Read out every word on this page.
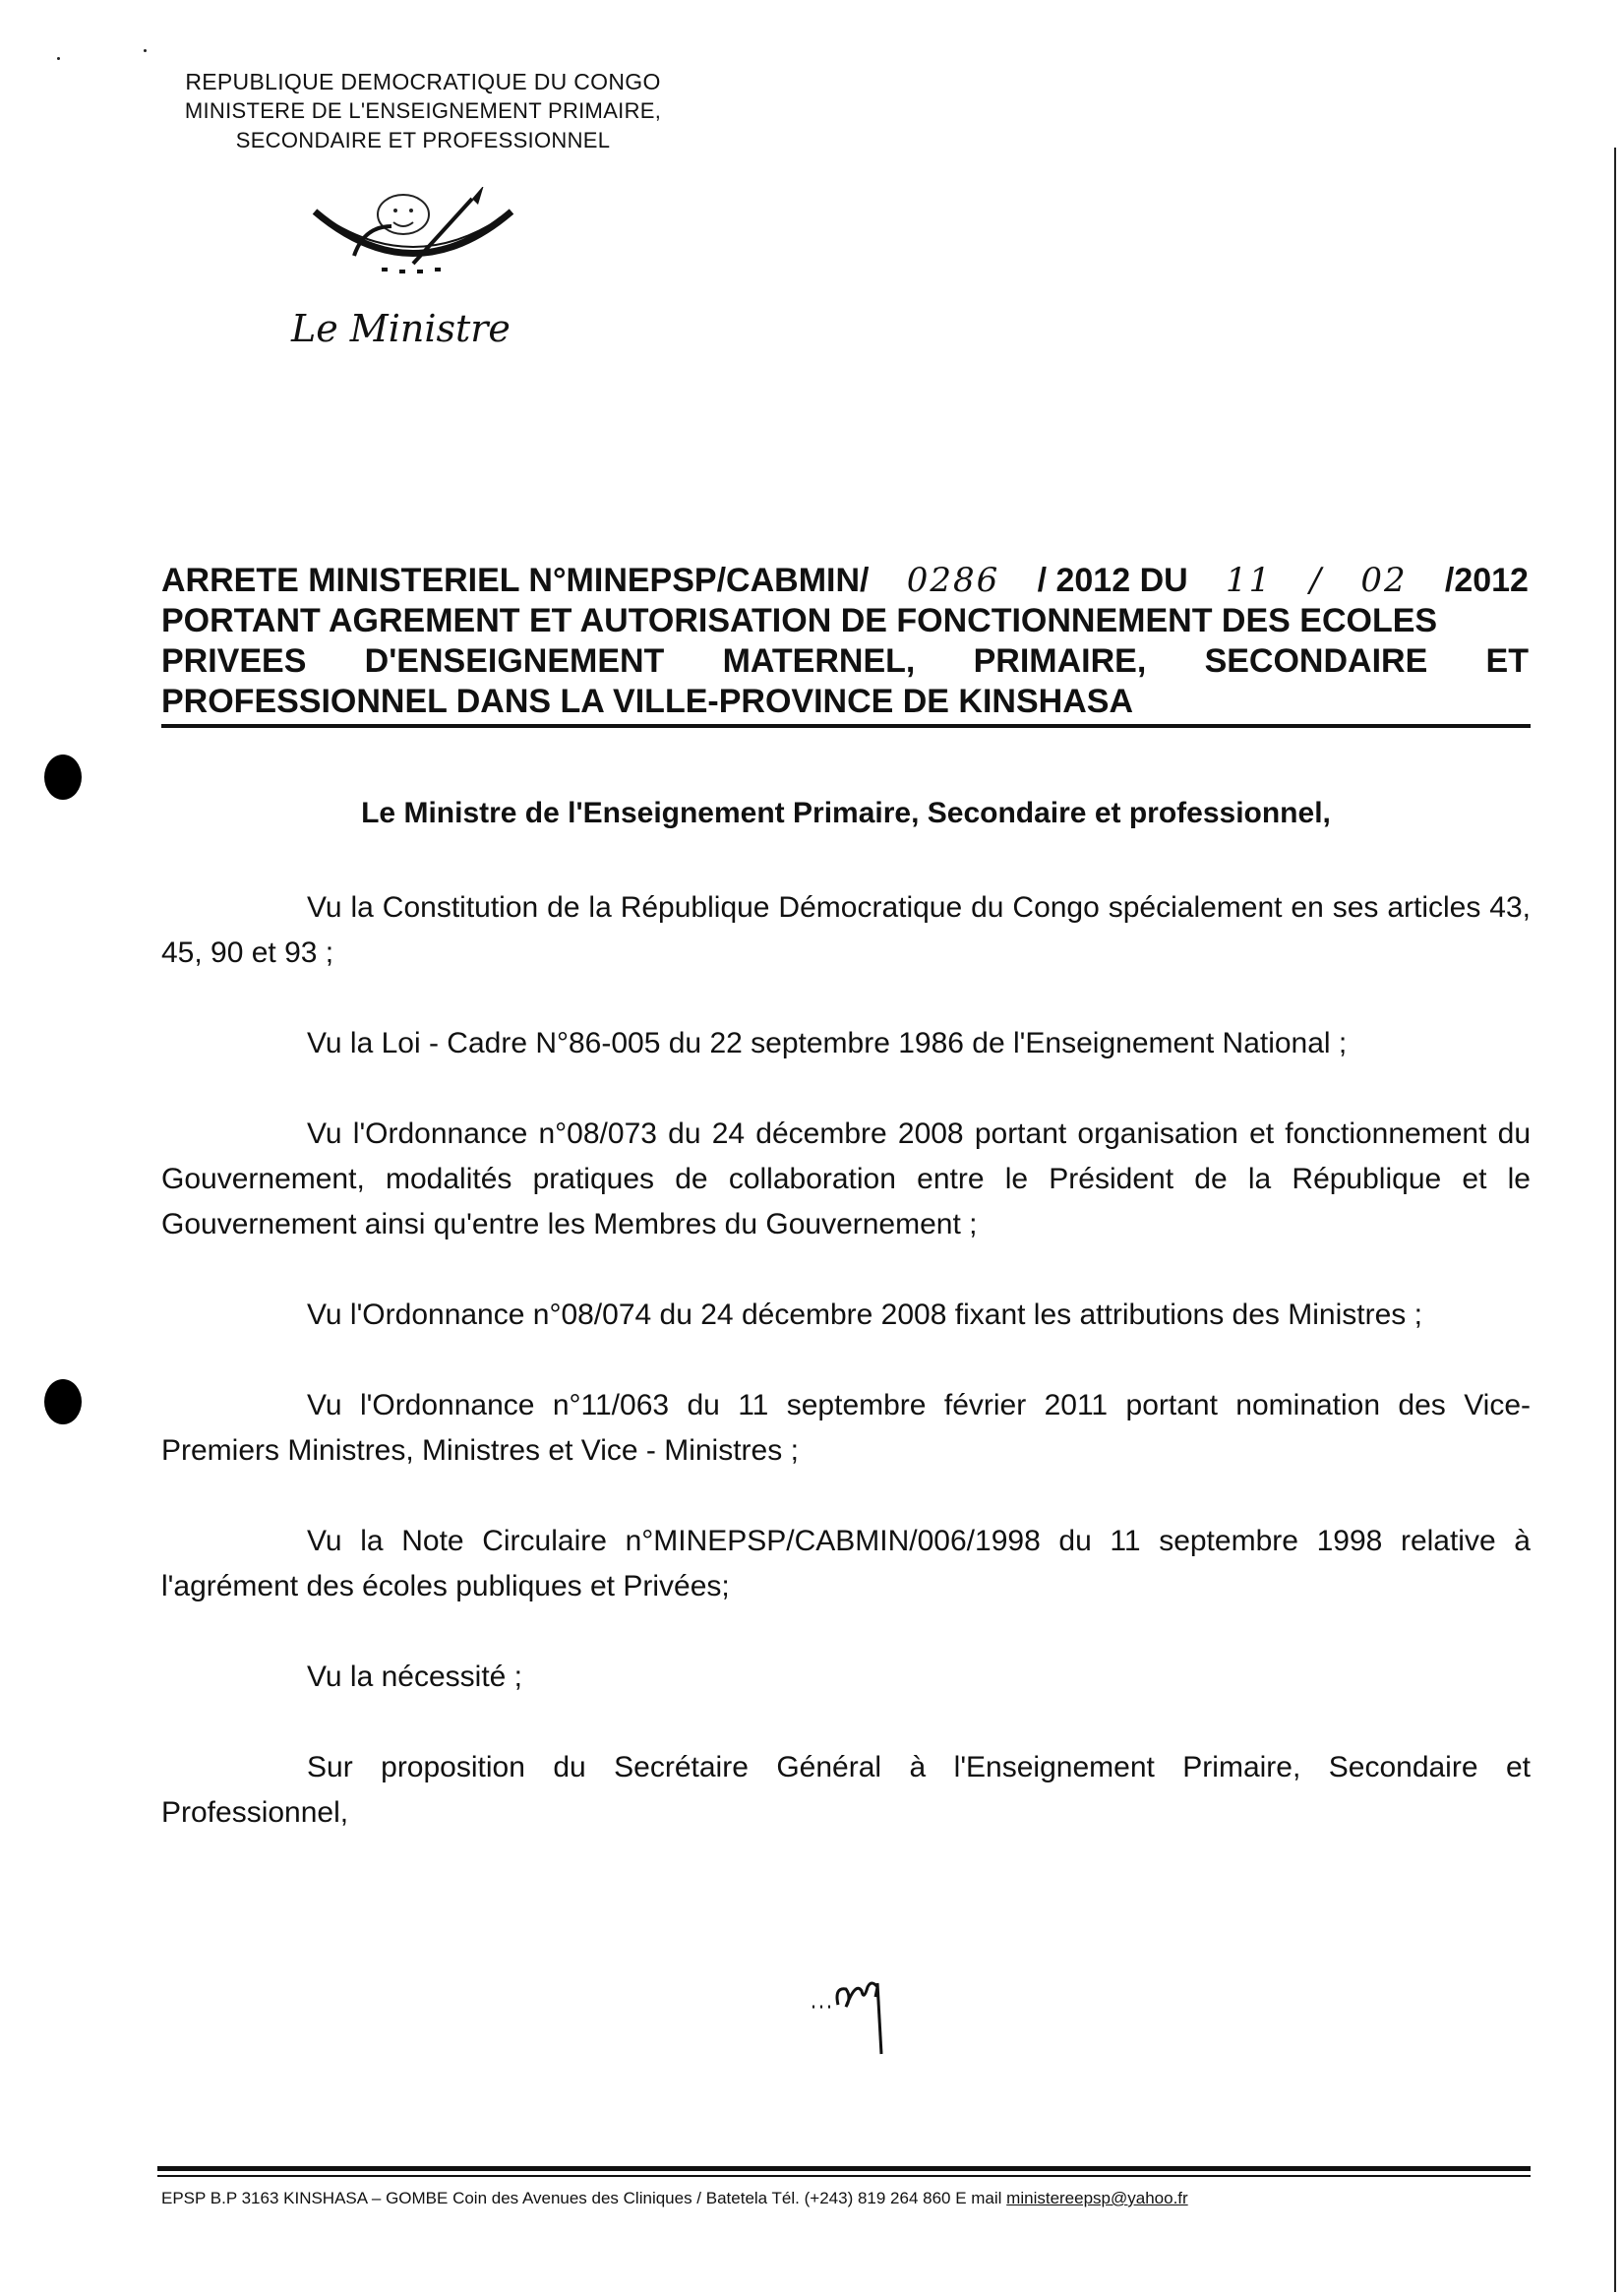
REPUBLIQUE DEMOCRATIQUE DU CONGO
MINISTERE DE L'ENSEIGNEMENT PRIMAIRE,
SECONDAIRE ET PROFESSIONNEL
Le Ministre
ARRETE MINISTERIEL N°MINEPSP/CABMIN/ 0286 / 2012 DU 11 / 02 /2012
PORTANT AGREMENT ET AUTORISATION DE FONCTIONNEMENT DES ECOLES
PRIVEES D'ENSEIGNEMENT MATERNEL, PRIMAIRE, SECONDAIRE ET
PROFESSIONNEL DANS LA VILLE-PROVINCE DE KINSHASA
Le Ministre de l'Enseignement Primaire, Secondaire et professionnel,

Vu la Constitution de la République Démocratique du Congo spécialement en ses articles 43, 45, 90 et 93 ;

Vu la Loi - Cadre N°86-005 du 22 septembre 1986 de l'Enseignement National ;

Vu l'Ordonnance n°08/073 du 24 décembre 2008 portant organisation et fonctionnement du Gouvernement, modalités pratiques de collaboration entre le Président de la République et le Gouvernement ainsi qu'entre les Membres du Gouvernement ;

Vu l'Ordonnance n°08/074 du 24 décembre 2008 fixant les attributions des Ministres ;

Vu l'Ordonnance n°11/063 du 11 septembre février 2011 portant nomination des Vice-Premiers Ministres, Ministres et Vice - Ministres ;

Vu la Note Circulaire n°MINEPSP/CABMIN/006/1998 du 11 septembre 1998 relative à l'agrément des écoles publiques et Privées;

Vu la nécessité ;

Sur proposition du Secrétaire Général à l'Enseignement Primaire, Secondaire et Professionnel,

EPSP B.P 3163 KINSHASA – GOMBE Coin des Avenues des Cliniques / Batetela Tél. (+243) 819 264 860 E mail ministereepsp@yahoo.fr
